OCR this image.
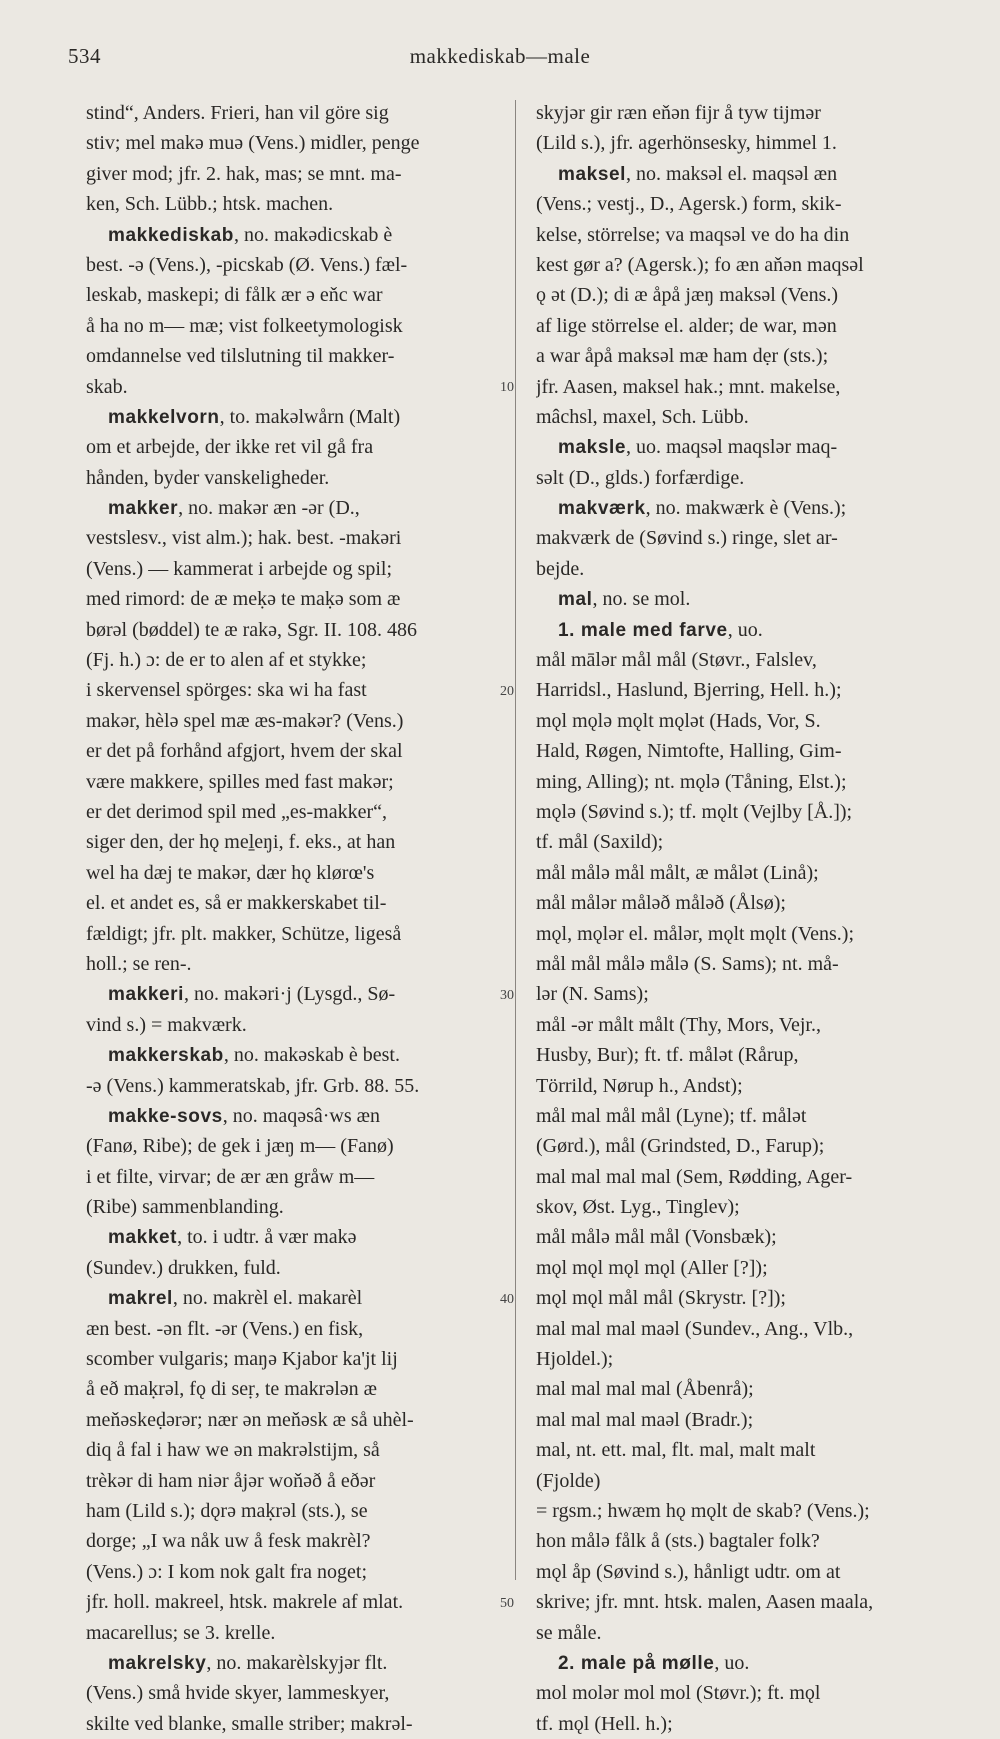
534	makkediskab—male
stind“, Anders. Frieri, han vil göre sig
stiv; mel makə muə (Vens.) midler, penge
giver mod; jfr. 2. hak, mas; se mnt. ma-
ken, Sch. Lübb.; htsk. machen.
makkediskab, no. makədicskab è
best. -ə (Vens.), -picskab (Ø. Vens.) fæl-
leskab, maskepi; di fålk ær ə eňc war
å ha no m— mæ; vist folkeetymologisk
omdannelse ved tilslutning til makker-
skab.
makkelvorn, to. makəlwårn (Malt)
om et arbejde, der ikke ret vil gå fra
hånden, byder vanskeligheder.
makker, no. makər æn -ər (D.,
vestslesv., vist alm.); hak. best. -makəri
(Vens.) — kammerat i arbejde og spil;
med rimord: de æ meḳə te maḳə som æ
børəl (bøddel) te æ rakə, Sgr. II. 108. 486
(Fj. h.) ɔ: de er to alen af et stykke;
i skervensel spörges: ska wi ha fast
makər, hèlə spel mæ æs-makər? (Vens.)
er det på forhånd afgjort, hvem der skal
være makkere, spilles med fast makər;
er det derimod spil med „es-makker“,
siger den, der hǫ meḻeŋi, f. eks., at han
wel ha dæj te makər, dær hǫ klørœ's
el. et andet es, så er makkerskabet til-
fældigt; jfr. plt. makker, Schütze, ligeså
holl.; se ren-.
makkeri, no. makəri·j (Lysgd., Sø-
vind s.) = makværk.
makkerskab, no. makəskab è best.
-ə (Vens.) kammeratskab, jfr. Grb. 88. 55.
makke-sovs, no. maqəsâ·ws æn
(Fanø, Ribe); de gek i jæŋ m— (Fanø)
i et filte, virvar; de ær æn gråw m—
(Ribe) sammenblanding.
makket, to. i udtr. å vær makə
(Sundev.) drukken, fuld.
makrel, no. makrèl el. makarèl
æn best. -ən flt. -ər (Vens.) en fisk,
scomber vulgaris; maŋə Kjabor ka'jt lij
å eð maḳrəl, fǫ di seṛ, te makrələn æ
meňəskeḍərər; nær ən meňəsk æ så uhèl-
diq å fal i haw we ən makrəlstijm, så
trèkər di ham niər åjər woňəð å eðər
ham (Lild s.); dǫrə maḳrəl (sts.), se
dorge; „I wa nåk uw å fesk makrèl?
(Vens.) ɔ: I kom nok galt fra noget;
jfr. holl. makreel, htsk. makrele af mlat.
macarellus; se 3. krelle.
makrelsky, no. makarèlskyjər flt.
(Vens.) små hvide skyer, lammeskyer,
skilte ved blanke, smalle striber; makrəl-
skyjər gir ræn eňən fijr å tyw tijmər
(Lild s.), jfr. agerhönsesky, himmel 1.
maksel, no. maksəl el. maqsəl æn
(Vens.; vestj., D., Agersk.) form, skik-
kelse, störrelse; va maqsəl ve do ha din
kest gør a? (Agersk.); fo æn aňən maqsəl
ǫ ət (D.); di æ åpå jæŋ maksəl (Vens.)
af lige störrelse el. alder; de war, mən
a war åpå maksəl mæ ham dẹr (sts.);
jfr. Aasen, maksel hak.; mnt. makelse,
mâchsl, maxel, Sch. Lübb.
maksle, uo. maqsəl maqslər maq-
səlt (D., glds.) forfærdige.
makværk, no. makwærk è (Vens.);
makværk de (Søvind s.) ringe, slet ar-
bejde.
mal, no. se mol.
1. male med farve, uo.
mål mālər mål mål (Støvr., Falslev,
Harridsl., Haslund, Bjerring, Hell. h.);
mǫl mǫlə mǫlt mǫlət (Hads, Vor, S.
Hald, Røgen, Nimtofte, Halling, Gim-
ming, Alling); nt. mǫlə (Tåning, Elst.);
mǫlə (Søvind s.); tf. mǫlt (Vejlby [Å.]);
tf. mål (Saxild);
mål målə mål målt, æ målət (Linå);
mål målər måləð måləð (Ålsø);
mǫl, mǫlər el. målər, mǫlt mǫlt (Vens.);
mål mål målə målə (S. Sams); nt. må-
lər (N. Sams);
mål -ər målt målt (Thy, Mors, Vejr.,
Husby, Bur); ft. tf. målət (Rårup,
Törrild, Nørup h., Andst);
mål mal mål mål (Lyne); tf. målət
(Gørd.), mål (Grindsted, D., Farup);
mal mal mal mal (Sem, Rødding, Ager-
skov, Øst. Lyg., Tinglev);
mål målə mål mål (Vonsbæk);
mǫl mǫl mǫl mǫl (Aller [?]);
mǫl mǫl mål mål (Skrystr. [?]);
mal mal mal maəl (Sundev., Ang., Vlb.,
Hjoldel.);
mal mal mal mal (Åbenrå);
mal mal mal maəl (Bradr.);
mal, nt. ett. mal, flt. mal, malt malt
(Fjolde)
= rgsm.; hwæm hǫ mǫlt de skab? (Vens.);
hon målə fålk å (sts.) bagtaler folk?
mǫl åp (Søvind s.), hånligt udtr. om at
skrive; jfr. mnt. htsk. malen, Aasen maala,
se måle.
2. male på mølle, uo.
mol molər mol mol (Støvr.); ft. mǫl
tf. mǫl (Hell. h.);
10
20
30
40
50
